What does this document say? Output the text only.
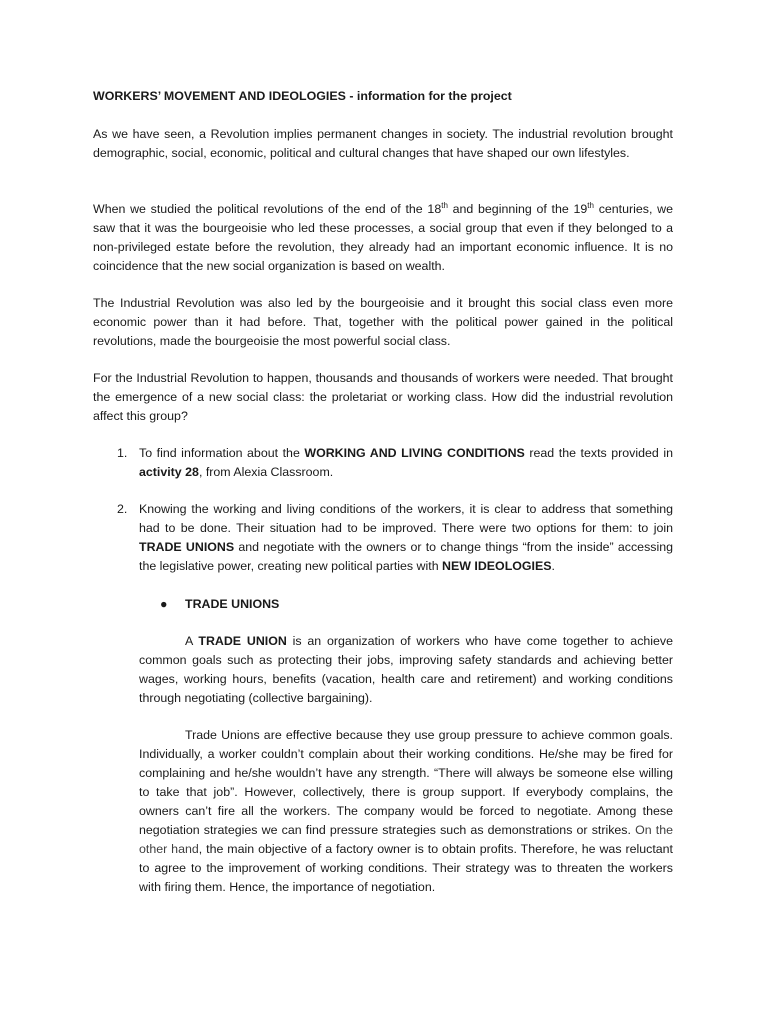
WORKERS’ MOVEMENT AND IDEOLOGIES - information for the project

As we have seen, a Revolution implies permanent changes in society. The industrial revolution brought demographic, social, economic, political and cultural changes that have shaped our own lifestyles.

When we studied the political revolutions of the end of the 18th and beginning of the 19th centuries, we saw that it was the bourgeoisie who led these processes, a social group that even if they belonged to a non-privileged estate before the revolution, they already had an important economic influence. It is no coincidence that the new social organization is based on wealth.

The Industrial Revolution was also led by the bourgeoisie and it brought this social class even more economic power than it had before. That, together with the political power gained in the political revolutions, made the bourgeoisie the most powerful social class.

For the Industrial Revolution to happen, thousands and thousands of workers were needed. That brought the emergence of a new social class: the proletariat or working class. How did the industrial revolution affect this group?

1. To find information about the WORKING AND LIVING CONDITIONS read the texts provided in activity 28, from Alexia Classroom.

2. Knowing the working and living conditions of the workers, it is clear to address that something had to be done. Their situation had to be improved. There were two options for them: to join TRADE UNIONS and negotiate with the owners or to change things “from the inside” accessing the legislative power, creating new political parties with NEW IDEOLOGIES.

● TRADE UNIONS

A TRADE UNION is an organization of workers who have come together to achieve common goals such as protecting their jobs, improving safety standards and achieving better wages, working hours, benefits (vacation, health care and retirement) and working conditions through negotiating (collective bargaining).

Trade Unions are effective because they use group pressure to achieve common goals. Individually, a worker couldn’t complain about their working conditions. He/she may be fired for complaining and he/she wouldn’t have any strength. “There will always be someone else willing to take that job”. However, collectively, there is group support. If everybody complains, the owners can’t fire all the workers. The company would be forced to negotiate. Among these negotiation strategies we can find pressure strategies such as demonstrations or strikes. On the other hand, the main objective of a factory owner is to obtain profits. Therefore, he was reluctant to agree to the improvement of working conditions. Their strategy was to threaten the workers with firing them. Hence, the importance of negotiation.
